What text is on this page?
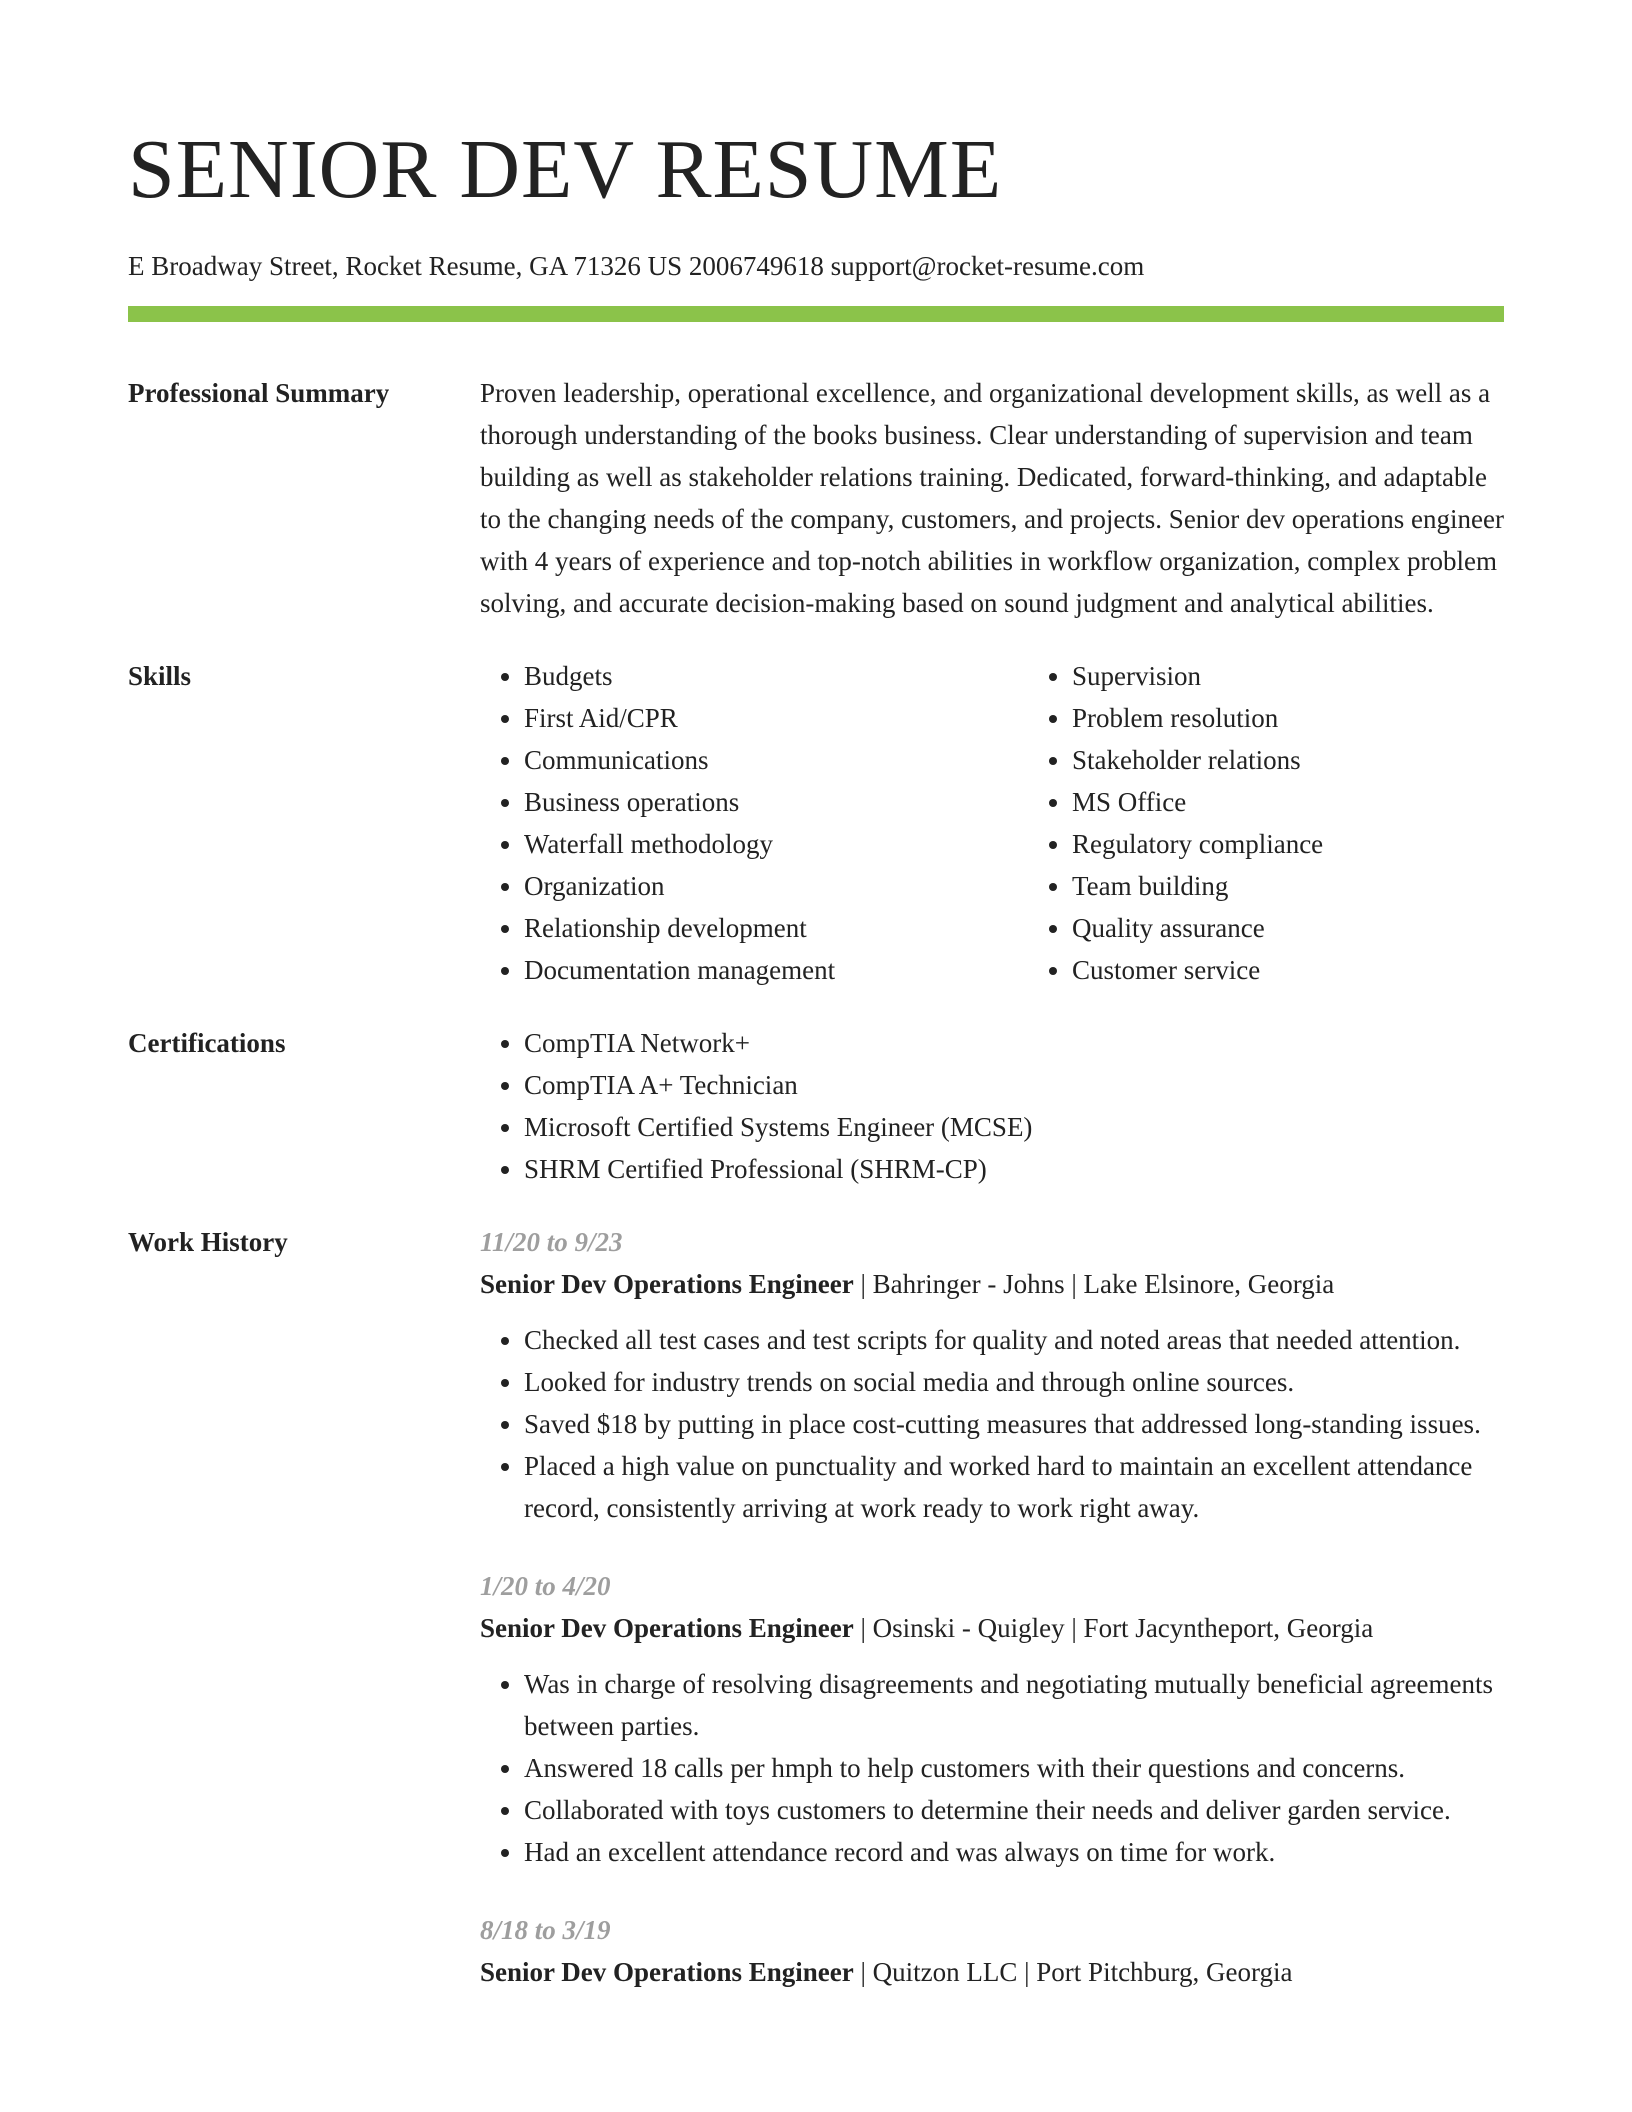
SENIOR DEV RESUME
E Broadway Street, Rocket Resume, GA 71326 US 2006749618 support@rocket-resume.com
Professional Summary	Proven leadership, operational excellence, and organizational development skills, as well as a thorough understanding of the books business. Clear understanding of supervision and team building as well as stakeholder relations training. Dedicated, forward-thinking, and adaptable to the changing needs of the company, customers, and projects. Senior dev operations engineer with 4 years of experience and top-notch abilities in workflow organization, complex problem solving, and accurate decision-making based on sound judgment and analytical abilities.
Skills	• Budgets
• First Aid/CPR
• Communications
• Business operations
• Waterfall methodology
• Organization
• Relationship development
• Documentation management
• Supervision
• Problem resolution
• Stakeholder relations
• MS Office
• Regulatory compliance
• Team building
• Quality assurance
• Customer service
Certifications	• CompTIA Network+
• CompTIA A+ Technician
• Microsoft Certified Systems Engineer (MCSE)
• SHRM Certified Professional (SHRM-CP)
Work History	11/20 to 9/23
Senior Dev Operations Engineer | Bahringer - Johns | Lake Elsinore, Georgia
• Checked all test cases and test scripts for quality and noted areas that needed attention.
• Looked for industry trends on social media and through online sources.
• Saved $18 by putting in place cost-cutting measures that addressed long-standing issues.
• Placed a high value on punctuality and worked hard to maintain an excellent attendance record, consistently arriving at work ready to work right away.
1/20 to 4/20
Senior Dev Operations Engineer | Osinski - Quigley | Fort Jacyntheport, Georgia
• Was in charge of resolving disagreements and negotiating mutually beneficial agreements between parties.
• Answered 18 calls per hmph to help customers with their questions and concerns.
• Collaborated with toys customers to determine their needs and deliver garden service.
• Had an excellent attendance record and was always on time for work.
8/18 to 3/19
Senior Dev Operations Engineer | Quitzon LLC | Port Pitchburg, Georgia
